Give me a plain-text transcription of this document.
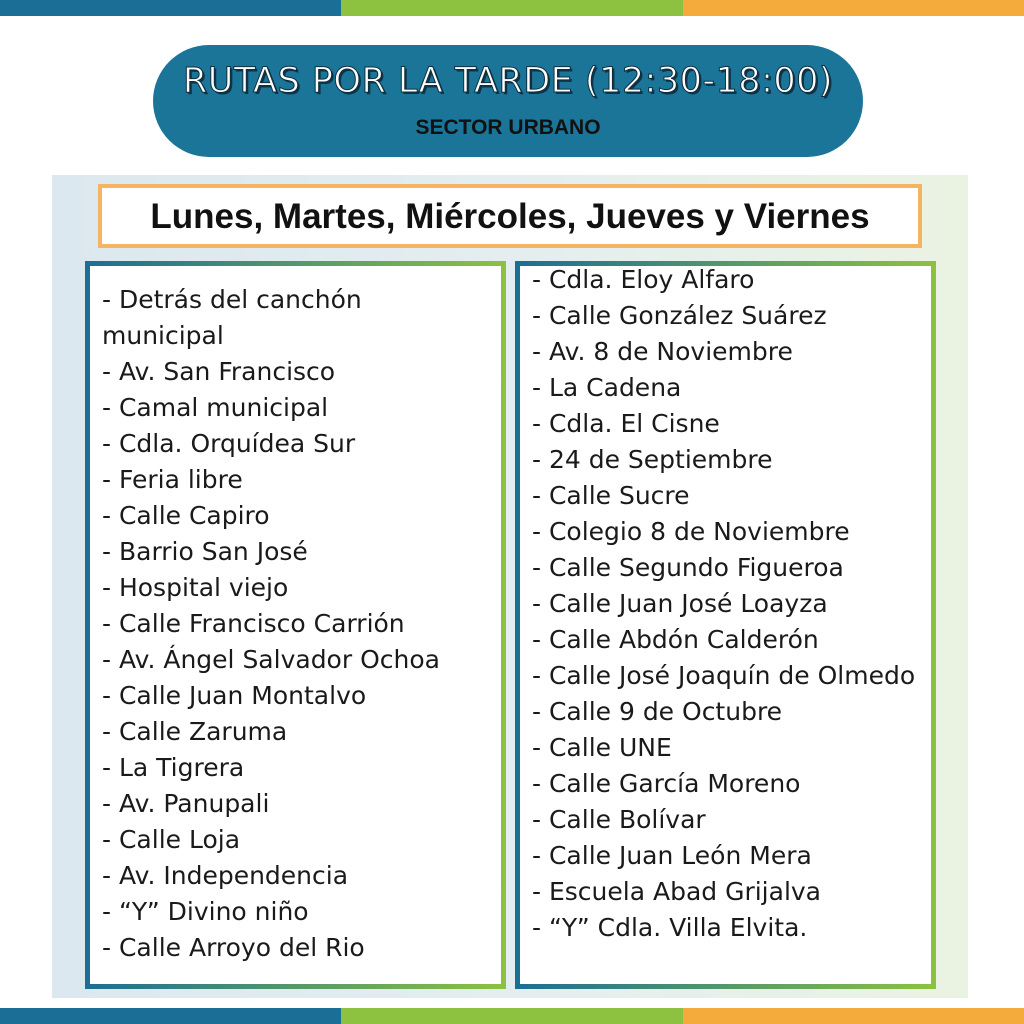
RUTAS POR LA TARDE (12:30-18:00)
SECTOR URBANO
Lunes, Martes, Miércoles, Jueves y Viernes
- Detrás del canchón municipal
- Av. San Francisco
- Camal municipal
- Cdla. Orquídea Sur
- Feria libre
- Calle Capiro
- Barrio San José
- Hospital viejo
- Calle Francisco Carrión
- Av. Ángel Salvador Ochoa
- Calle Juan Montalvo
- Calle Zaruma
- La Tigrera
- Av. Panupali
- Calle Loja
- Av. Independencia
- “Y” Divino niño
- Calle Arroyo del Rio
- Cdla. Eloy Alfaro
- Calle González Suárez
- Av. 8 de Noviembre
- La Cadena
- Cdla. El Cisne
- 24 de Septiembre
- Calle Sucre
- Colegio 8 de Noviembre
- Calle Segundo Figueroa
- Calle Juan José Loayza
- Calle Abdón Calderón
- Calle José Joaquín de Olmedo
- Calle 9 de Octubre
- Calle UNE
- Calle García Moreno
- Calle Bolívar
- Calle Juan León Mera
- Escuela Abad Grijalva
- “Y” Cdla. Villa Elvita.
